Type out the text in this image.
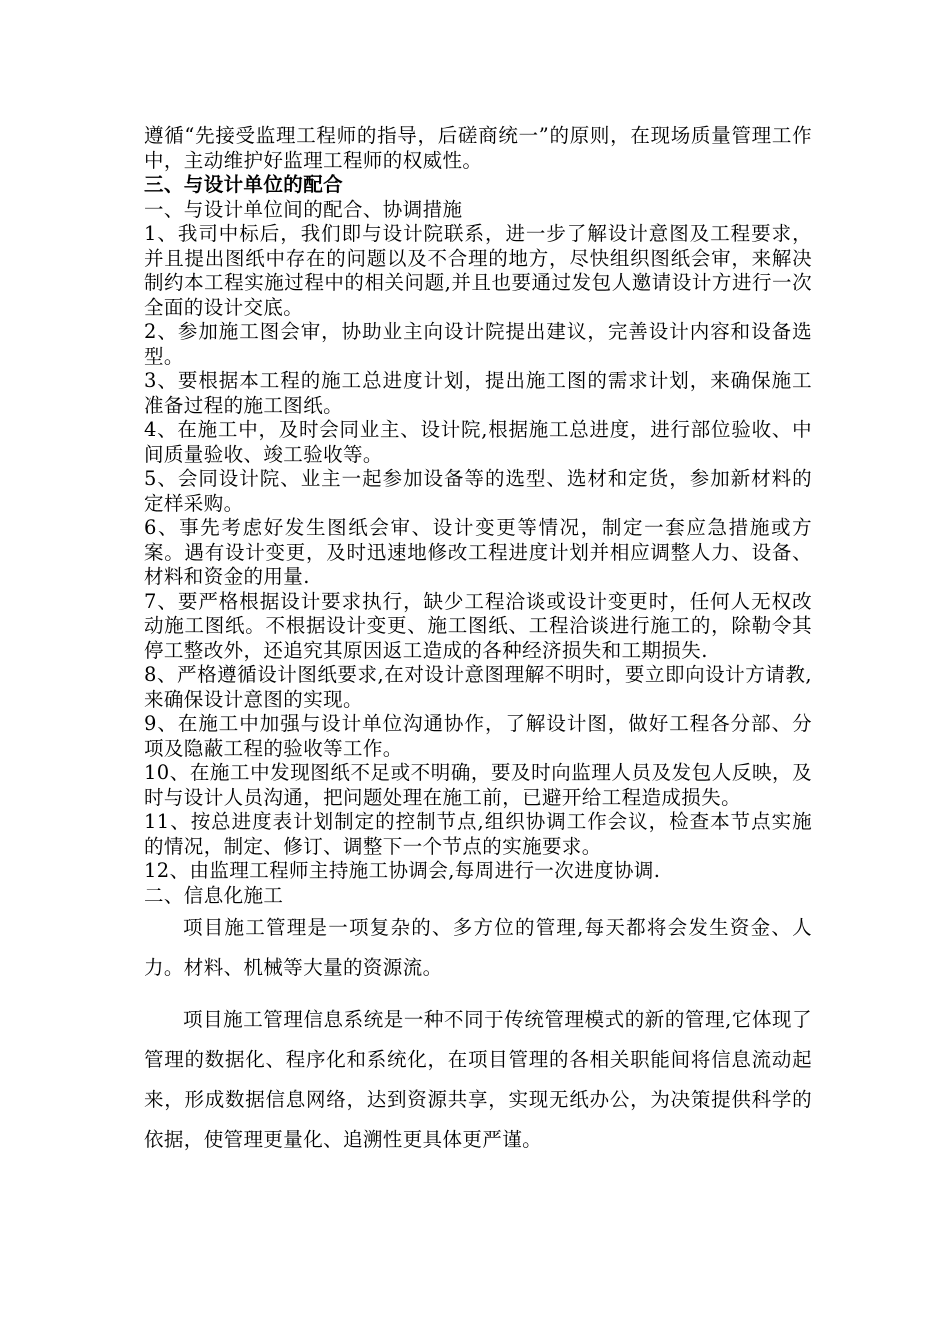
遵循“先接受监理工程师的指导，后磋商统一”的原则，在现场质量管理工作中，主动维护好监理工程师的权威性。

三、与设计单位的配合

一、与设计单位间的配合、协调措施

1、我司中标后，我们即与设计院联系，进一步了解设计意图及工程要求，并且提出图纸中存在的问题以及不合理的地方，尽快组织图纸会审，来解决制约本工程实施过程中的相关问题,并且也要通过发包人邀请设计方进行一次全面的设计交底。

2、参加施工图会审，协助业主向设计院提出建议，完善设计内容和设备选型。

3、要根据本工程的施工总进度计划，提出施工图的需求计划，来确保施工准备过程的施工图纸。

4、在施工中，及时会同业主、设计院,根据施工总进度，进行部位验收、中间质量验收、竣工验收等。

5、会同设计院、业主一起参加设备等的选型、选材和定货，参加新材料的定样采购。

6、事先考虑好发生图纸会审、设计变更等情况，制定一套应急措施或方案。遇有设计变更，及时迅速地修改工程进度计划并相应调整人力、设备、材料和资金的用量.

7、要严格根据设计要求执行，缺少工程洽谈或设计变更时，任何人无权改动施工图纸。不根据设计变更、施工图纸、工程洽谈进行施工的，除勒令其停工整改外，还追究其原因返工造成的各种经济损失和工期损失.

8、严格遵循设计图纸要求,在对设计意图理解不明时，要立即向设计方请教,来确保设计意图的实现。

9、在施工中加强与设计单位沟通协作，了解设计图，做好工程各分部、分项及隐蔽工程的验收等工作。

10、在施工中发现图纸不足或不明确，要及时向监理人员及发包人反映，及时与设计人员沟通，把问题处理在施工前，已避开给工程造成损失。

11、按总进度表计划制定的控制节点,组织协调工作会议，检查本节点实施的情况，制定、修订、调整下一个节点的实施要求。

12、由监理工程师主持施工协调会,每周进行一次进度协调.

二、信息化施工

项目施工管理是一项复杂的、多方位的管理,每天都将会发生资金、人力。材料、机械等大量的资源流。

项目施工管理信息系统是一种不同于传统管理模式的新的管理,它体现了管理的数据化、程序化和系统化，在项目管理的各相关职能间将信息流动起来，形成数据信息网络，达到资源共享，实现无纸办公，为决策提供科学的依据，使管理更量化、追溯性更具体更严谨。
